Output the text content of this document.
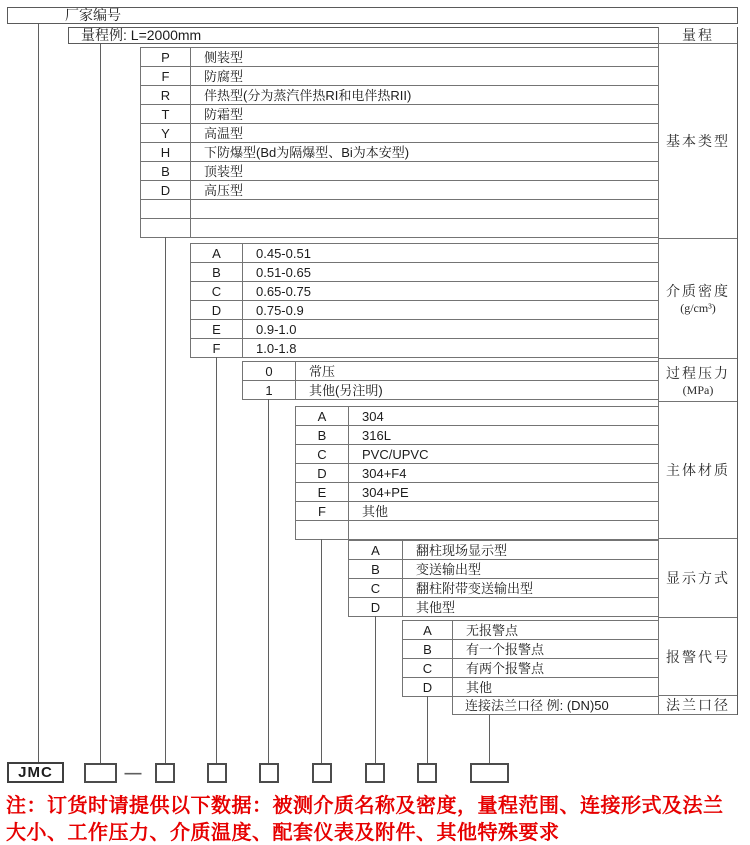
厂家编号
量程例: L=2000mm	量程
基本类型
介质密度
(g/cm³)
过程压力
(MPa)
主体材质
显示方式
报警代号
法兰口径
P	侧装型
F	防腐型
R	伴热型(分为蒸汽伴热RI和电伴热RII)
T	防霜型
Y	高温型
H	下防爆型(Bd为隔爆型、Bi为本安型)
B	顶装型
D	高压型
A	0.45-0.51
B	0.51-0.65
C	0.65-0.75
D	0.75-0.9
E	0.9-1.0
F	1.0-1.8
0	常压
1	其他(另注明)
A	304
B	316L
C	PVC/UPVC
D	304+F4
E	304+PE
F	其他
A	翻柱现场显示型
B	变送输出型
C	翻柱附带变送输出型
D	其他型
A	无报警点
B	有一个报警点
C	有两个报警点
D	其他
连接法兰口径 例: (DN)50
JMC	—
注：订货时请提供以下数据：被测介质名称及密度，量程范围、连接形式及法兰
大小、工作压力、介质温度、配套仪表及附件、其他特殊要求
